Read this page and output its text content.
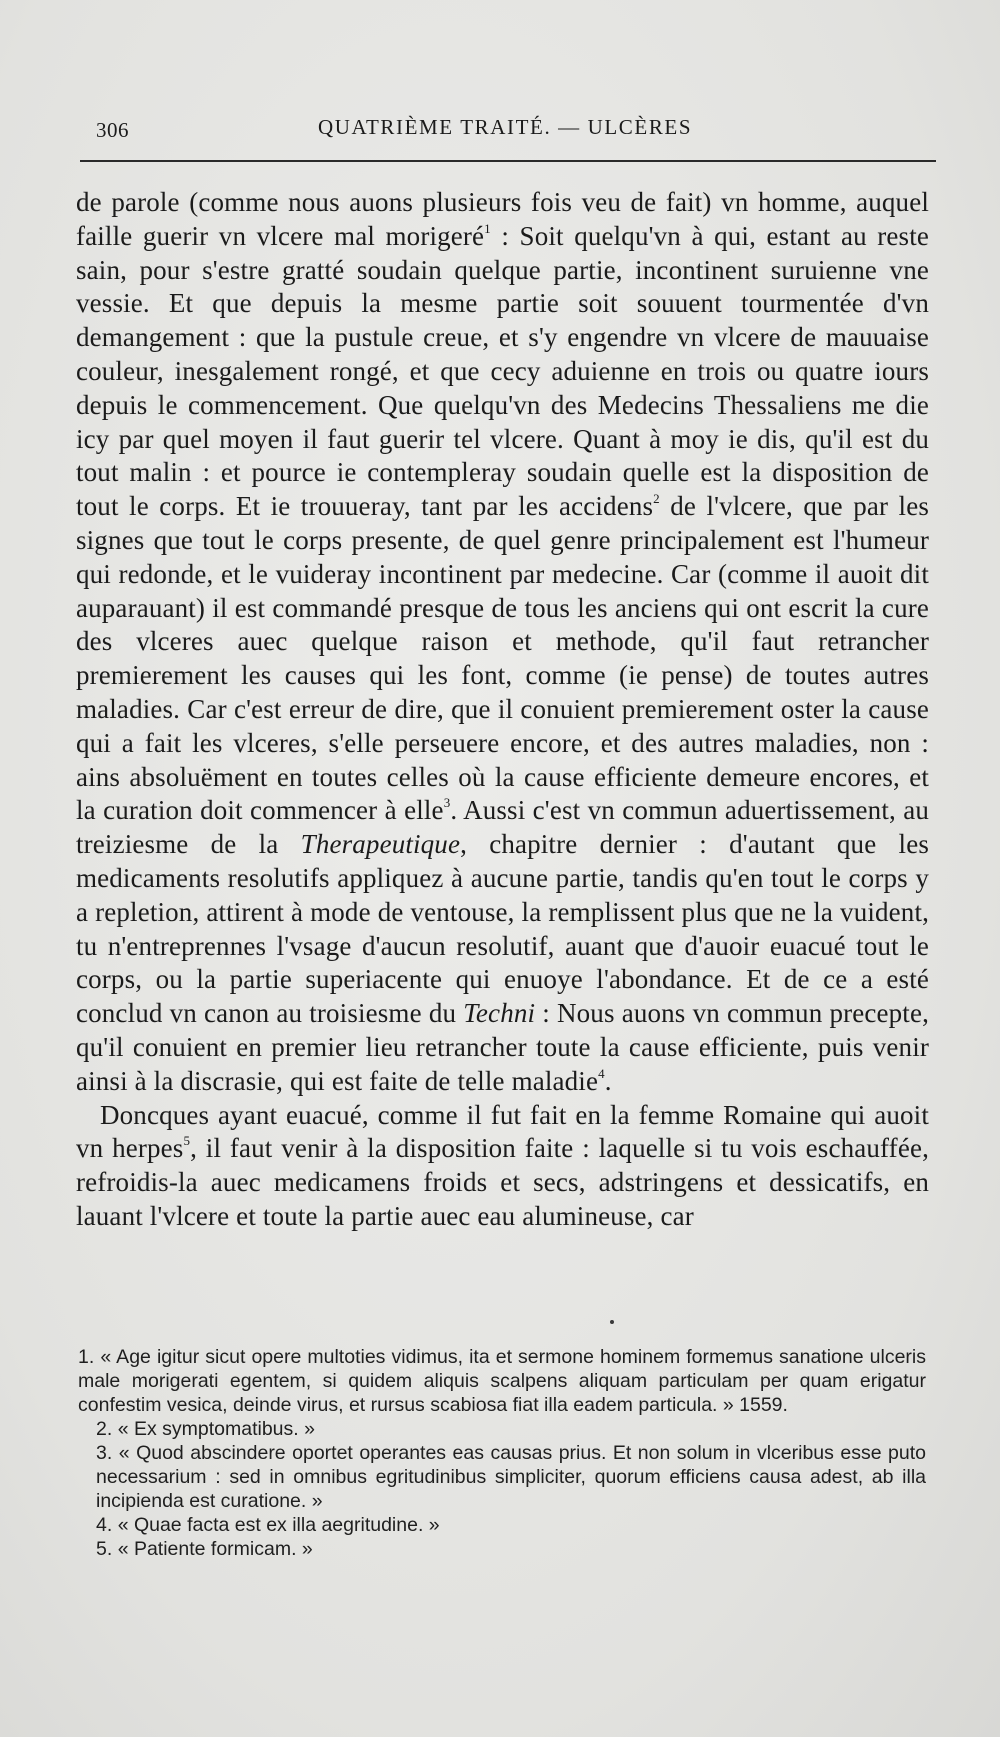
306	QUATRIÈME TRAITÉ. — ULCÈRES

de parole (comme nous auons plusieurs fois veu de fait) vn homme, auquel faille guerir vn vlcere mal morigeré$^1$ : Soit quelqu'vn à qui, estant au reste sain, pour s'estre gratté soudain quelque partie, incontinent suruienne vne vessie. Et que depuis la mesme partie soit souuent tourmentée d'vn demangement : que la pustule creue, et s'y engendre vn vlcere de mauuaise couleur, inesgalement rongé, et que cecy aduienne en trois ou quatre iours depuis le commencement. Que quelqu'vn des Medecins Thessaliens me die icy par quel moyen il faut guerir tel vlcere. Quant à moy ie dis, qu'il est du tout malin : et pource ie contempleray soudain quelle est la disposition de tout le corps. Et ie trouueray, tant par les accidens$^2$ de l'vlcere, que par les signes que tout le corps presente, de quel genre principalement est l'humeur qui redonde, et le vuideray incontinent par medecine. Car (comme il auoit dit auparauant) il est commandé presque de tous les anciens qui ont escrit la cure des vlceres auec quelque raison et methode, qu'il faut retrancher premierement les causes qui les font, comme (ie pense) de toutes autres maladies. Car c'est erreur de dire, que il conuient premierement oster la cause qui a fait les vlceres, s'elle perseuere encore, et des autres maladies, non : ains absoluëment en toutes celles où la cause efficiente demeure encores, et la curation doit commencer à elle$^3$. Aussi c'est vn commun aduertissement, au treiziesme de la Therapeutique, chapitre dernier : d'autant que les medicaments resolutifs appliquez à aucune partie, tandis qu'en tout le corps y a repletion, attirent à mode de ventouse, la remplissent plus que ne la vuident, tu n'entreprennes l'vsage d'aucun resolutif, auant que d'auoir euacué tout le corps, ou la partie superiacente qui enuoye l'abondance. Et de ce a esté conclud vn canon au troisiesme du Techni : Nous auons vn commun precepte, qu'il conuient en premier lieu retrancher toute la cause efficiente, puis venir ainsi à la discrasie, qui est faite de telle maladie$^4$.

Doncques ayant euacué, comme il fut fait en la femme Romaine qui auoit vn herpes$^5$, il faut venir à la disposition faite : laquelle si tu vois eschauffée, refroidis-la auec medicamens froids et secs, adstringens et dessicatifs, en lauant l'vlcere et toute la partie auec eau alumineuse, car

1. « Age igitur sicut opere multoties vidimus, ita et sermone hominem formemus sanatione ulceris male morigerati egentem, si quidem aliquis scalpens aliquam particulam per quam erigatur confestim vesica, deinde virus, et rursus scabiosa fiat illa eadem particula. » 1559.

2. « Ex symptomatibus. »

3. « Quod abscindere oportet operantes eas causas prius. Et non solum in vlceribus esse puto necessarium : sed in omnibus egritudinibus simpliciter, quorum efficiens causa adest, ab illa incipienda est curatione. »

4. « Quae facta est ex illa aegritudine. »

5. « Patiente formicam. »
